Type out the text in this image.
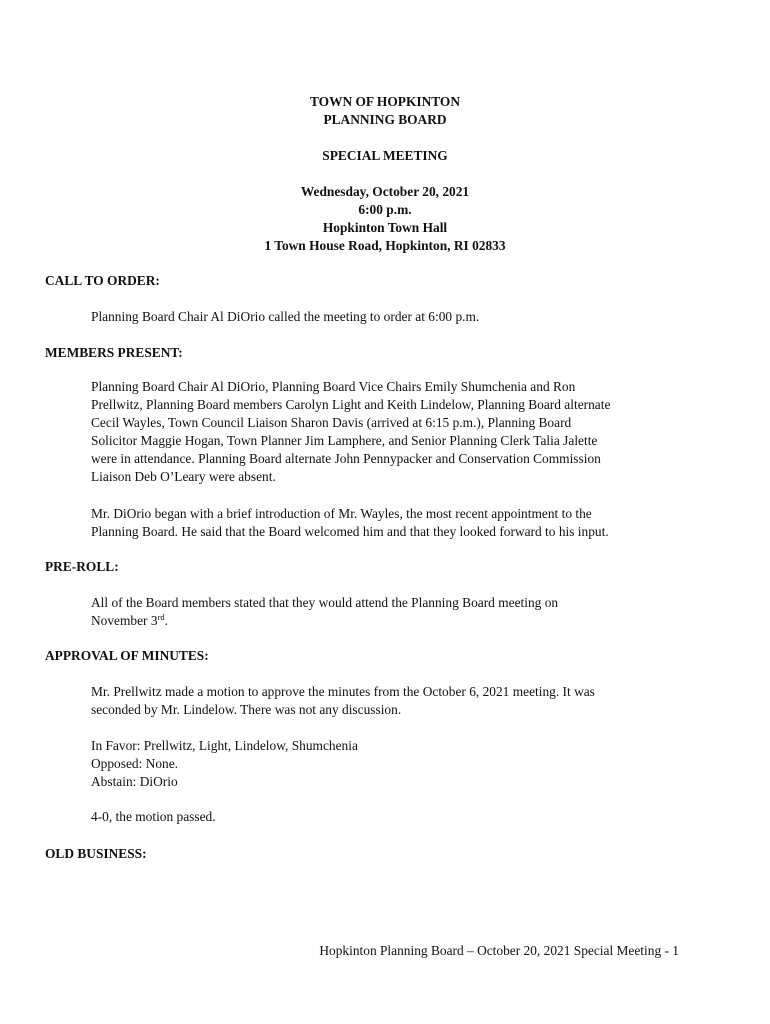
TOWN OF HOPKINTON
PLANNING BOARD
SPECIAL MEETING
Wednesday, October 20, 2021
6:00 p.m.
Hopkinton Town Hall
1 Town House Road, Hopkinton, RI 02833
CALL TO ORDER:
Planning Board Chair Al DiOrio called the meeting to order at 6:00 p.m.
MEMBERS PRESENT:
Planning Board Chair Al DiOrio, Planning Board Vice Chairs Emily Shumchenia and Ron
Prellwitz, Planning Board members Carolyn Light and Keith Lindelow, Planning Board alternate
Cecil Wayles, Town Council Liaison Sharon Davis (arrived at 6:15 p.m.), Planning Board
Solicitor Maggie Hogan, Town Planner Jim Lamphere, and Senior Planning Clerk Talia Jalette
were in attendance. Planning Board alternate John Pennypacker and Conservation Commission
Liaison Deb O’Leary were absent.
Mr. DiOrio began with a brief introduction of Mr. Wayles, the most recent appointment to the
Planning Board. He said that the Board welcomed him and that they looked forward to his input.
PRE-ROLL:
All of the Board members stated that they would attend the Planning Board meeting on
November 3rd.
APPROVAL OF MINUTES:
Mr. Prellwitz made a motion to approve the minutes from the October 6, 2021 meeting. It was
seconded by Mr. Lindelow. There was not any discussion.
In Favor: Prellwitz, Light, Lindelow, Shumchenia
Opposed: None.
Abstain: DiOrio
4-0, the motion passed.
OLD BUSINESS:
Hopkinton Planning Board – October 20, 2021 Special Meeting - 1
